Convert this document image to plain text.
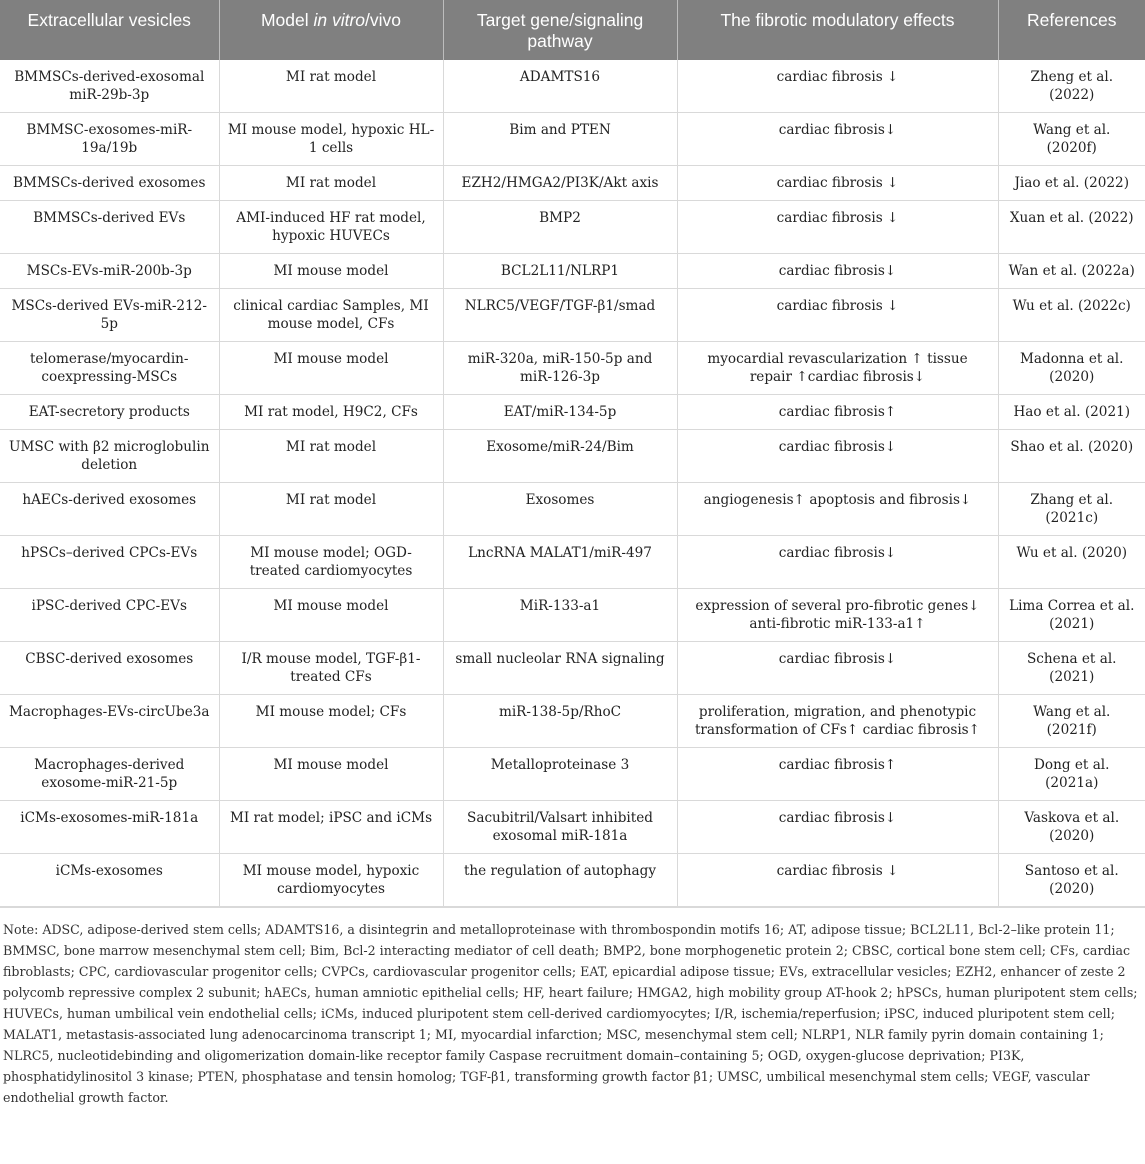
Extracellular vesicles	Model in vitro/vivo	Target gene/signaling pathway	The fibrotic modulatory effects	References
BMMSCs-derived-exosomal miR-29b-3p	MI rat model	ADAMTS16	cardiac fibrosis ↓	Zheng et al. (2022)
BMMSC-exosomes-miR-19a/19b	MI mouse model, hypoxic HL-1 cells	Bim and PTEN	cardiac fibrosis↓	Wang et al. (2020f)
BMMSCs-derived exosomes	MI rat model	EZH2/HMGA2/PI3K/Akt axis	cardiac fibrosis ↓	Jiao et al. (2022)
BMMSCs-derived EVs	AMI-induced HF rat model, hypoxic HUVECs	BMP2	cardiac fibrosis ↓	Xuan et al. (2022)
MSCs-EVs-miR-200b-3p	MI mouse model	BCL2L11/NLRP1	cardiac fibrosis↓	Wan et al. (2022a)
MSCs-derived EVs-miR-212-5p	clinical cardiac Samples, MI mouse model, CFs	NLRC5/VEGF/TGF-β1/smad	cardiac fibrosis ↓	Wu et al. (2022c)
telomerase/myocardin-coexpressing-MSCs	MI mouse model	miR-320a, miR-150-5p and miR-126-3p	myocardial revascularization ↑ tissue repair ↑cardiac fibrosis↓	Madonna et al. (2020)
EAT-secretory products	MI rat model, H9C2, CFs	EAT/miR-134-5p	cardiac fibrosis↑	Hao et al. (2021)
UMSC with β2 microglobulin deletion	MI rat model	Exosome/miR-24/Bim	cardiac fibrosis↓	Shao et al. (2020)
hAECs-derived exosomes	MI rat model	Exosomes	angiogenesis↑ apoptosis and fibrosis↓	Zhang et al. (2021c)
hPSCs–derived CPCs-EVs	MI mouse model; OGD-treated cardiomyocytes	LncRNA MALAT1/miR-497	cardiac fibrosis↓	Wu et al. (2020)
iPSC-derived CPC-EVs	MI mouse model	MiR-133-a1	expression of several pro-fibrotic genes↓ anti-fibrotic miR-133-a1↑	Lima Correa et al. (2021)
CBSC-derived exosomes	I/R mouse model, TGF-β1-treated CFs	small nucleolar RNA signaling	cardiac fibrosis↓	Schena et al. (2021)
Macrophages-EVs-circUbe3a	MI mouse model; CFs	miR-138-5p/RhoC	proliferation, migration, and phenotypic transformation of CFs↑ cardiac fibrosis↑	Wang et al. (2021f)
Macrophages-derived exosome-miR-21-5p	MI mouse model	Metalloproteinase 3	cardiac fibrosis↑	Dong et al. (2021a)
iCMs-exosomes-miR-181a	MI rat model; iPSC and iCMs	Sacubitril/Valsart inhibited exosomal miR-181a	cardiac fibrosis↓	Vaskova et al. (2020)
iCMs-exosomes	MI mouse model, hypoxic cardiomyocytes	the regulation of autophagy	cardiac fibrosis ↓	Santoso et al. (2020)
Note: ADSC, adipose-derived stem cells; ADAMTS16, a disintegrin and metalloproteinase with thrombospondin motifs 16; AT, adipose tissue; BCL2L11, Bcl-2–like protein 11; BMMSC, bone marrow mesenchymal stem cell; Bim, Bcl-2 interacting mediator of cell death; BMP2, bone morphogenetic protein 2; CBSC, cortical bone stem cell; CFs, cardiac fibroblasts; CPC, cardiovascular progenitor cells; CVPCs, cardiovascular progenitor cells; EAT, epicardial adipose tissue; EVs, extracellular vesicles; EZH2, enhancer of zeste 2 polycomb repressive complex 2 subunit; hAECs, human amniotic epithelial cells; HF, heart failure; HMGA2, high mobility group AT-hook 2; hPSCs, human pluripotent stem cells; HUVECs, human umbilical vein endothelial cells; iCMs, induced pluripotent stem cell-derived cardiomyocytes; I/R, ischemia/reperfusion; iPSC, induced pluripotent stem cell; MALAT1, metastasis-associated lung adenocarcinoma transcript 1; MI, myocardial infarction; MSC, mesenchymal stem cell; NLRP1, NLR family pyrin domain containing 1; NLRC5, nucleotidebinding and oligomerization domain-like receptor family Caspase recruitment domain–containing 5; OGD, oxygen-glucose deprivation; PI3K, phosphatidylinositol 3 kinase; PTEN, phosphatase and tensin homolog; TGF-β1, transforming growth factor β1; UMSC, umbilical mesenchymal stem cells; VEGF, vascular endothelial growth factor.
